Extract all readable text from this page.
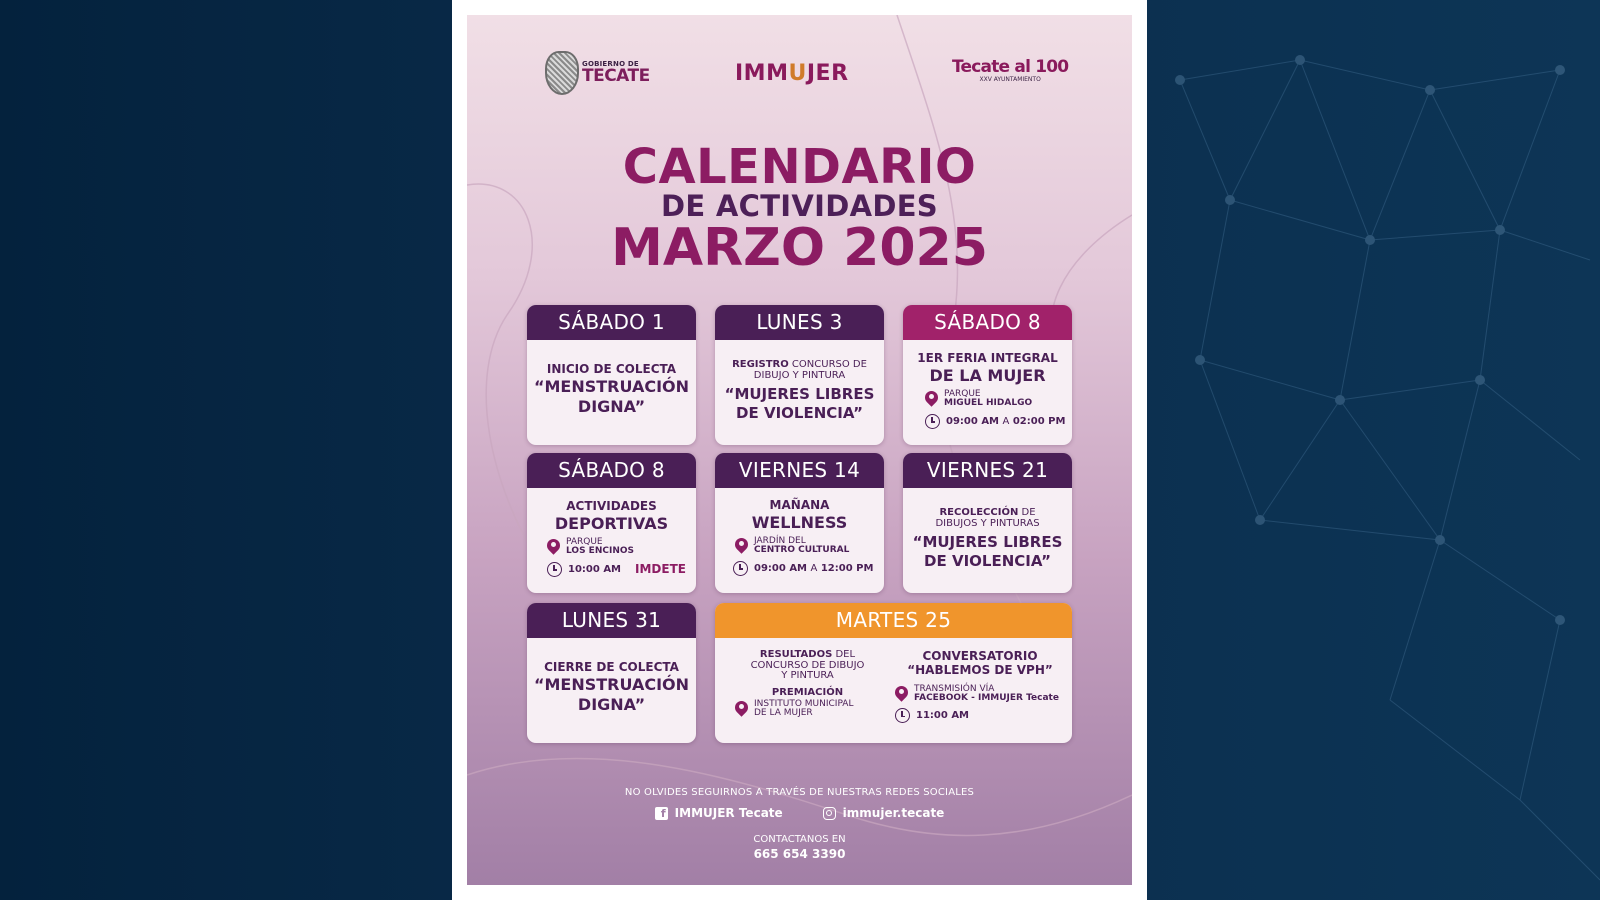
GOBIERNO DE
TECATE	IMMUJER	Tecate al 100
XXV AYUNTAMIENTO
CALENDARIO
DE ACTIVIDADES
MARZO 2025
SÁBADO 1
INICIO DE COLECTA
“MENSTRUACIÓN
DIGNA”
LUNES 3
REGISTRO CONCURSO DE
DIBUJO Y PINTURA
“MUJERES LIBRES
DE VIOLENCIA”
SÁBADO 8
1ER FERIA INTEGRAL
DE LA MUJER
PARQUE
MIGUEL HIDALGO
09:00 AM A 02:00 PM
SÁBADO 8
ACTIVIDADES
DEPORTIVAS
PARQUE
LOS ENCINOS
10:00 AM IMDETE
VIERNES 14
MAÑANA
WELLNESS
JARDÍN DEL
CENTRO CULTURAL
09:00 AM A 12:00 PM
VIERNES 21
RECOLECCIÓN DE
DIBUJOS Y PINTURAS
“MUJERES LIBRES
DE VIOLENCIA”
LUNES 31
CIERRE DE COLECTA
“MENSTRUACIÓN
DIGNA”
MARTES 25
RESULTADOS DEL
CONCURSO DE DIBUJO
Y PINTURA
PREMIACIÓN
INSTITUTO MUNICIPAL
DE LA MUJER
CONVERSATORIO
“HABLEMOS DE VPH”
TRANSMISIÓN VÍA
FACEBOOK - IMMUJER Tecate
11:00 AM
NO OLVIDES SEGUIRNOS A TRAVÉS DE NUESTRAS REDES SOCIALES
f IMMUJER Tecate	immujer.tecate
CONTACTANOS EN
665 654 3390
